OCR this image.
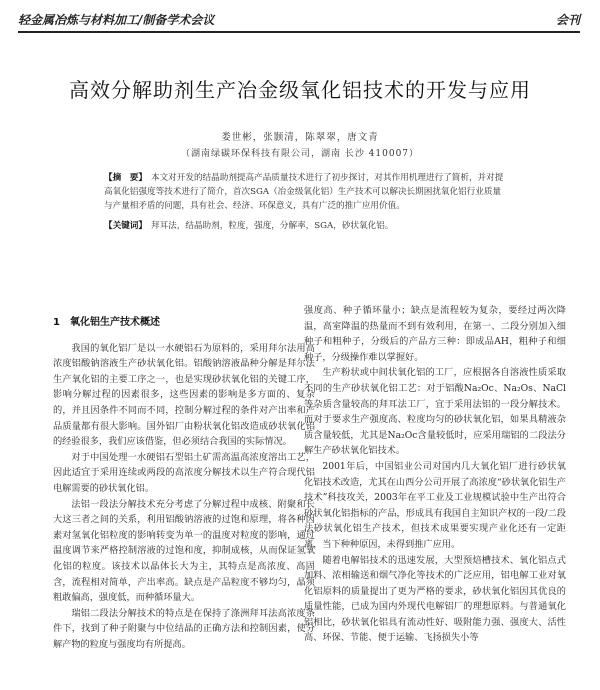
轻金属冶炼与材料加工/制备学术会议	会刊
高效分解助剂生产冶金级氧化铝技术的开发与应用
娄世彬，张颢清，陈翠翠，唐文青
（湖南绿碳环保科技有限公司，湖南 长沙 410007）
【摘　要】 本文对开发的结晶助剂提高产品质量技术进行了初步探讨，对其作用机理进行了简析，并对提高氧化铝强度等技术进行了简介，首次SGA（冶金级氧化铝）生产技术可以解决长期困扰氧化铝行业质量与产量相矛盾的问题，具有社会、经济、环保意义，具有广泛的推广应用价值。
【关键词】 拜耳法，结晶助剂，粒度，强度，分解率，SGA，砂状氧化铝。
1　氧化铝生产技术概述

我国的氧化铝厂是以一水硬铝石为原料的，采用拜尔法用高浓度铝酸钠溶液生产砂状氧化铝。铝酸钠溶液晶种分解是拜尔法生产氧化铝的主要工序之一，也是实现砂状氧化铝的关键工序，影响分解过程的因素很多，这些因素的影响是多方面的、复杂的，并且因条件不同而不同，控制分解过程的条件对产出率和产品质量都有很大影响。国外铝厂由粉状氧化铝改造成砂状氧化铝的经验很多，我们应该借鉴，但必须结合我国的实际情况。

对于中国处理一水硬铝石型铝土矿需高温高浓度溶出工艺，因此适宜于采用连续或两段的高浓度分解技术以生产符合现代铝电解需要的砂状氧化铝。

法铝一段法分解技术充分考虑了分解过程中成核、附聚和长大这三者之间的关系，利用铝酸钠溶液的过饱和原理，将各种因素对氢氧化铝粒度的影响转变为单一的温度对粒度的影响，通过温度调节来严格控制溶液的过饱和度，抑制成核，从而保证氢氧化铝的粒度。该技术以晶体长大为主，其特点是高浓度、高固含，流程相对简单，产出率高。缺点是产品粒度不够均匀，晶须粗敢偏高，强度低，而种循环量大。

瑞铝二段法分解技术的特点是在保持了涤洲拜耳法高浓度条件下，找到了种子附聚与中位结晶的正确方法和控制因素，使分解产物的粒度与强度均有所提高。

强度高、种子循环量小；缺点是流程较为复杂，要经过两次降温，高室降温的热量而不到有效利用，在第一、二段分别加入细种子和粗种子，分级后的产品方三种：即成品AH，粗种子和细种子，分级操作难以掌握好。

生产粉状或中间状氧化铝的工厂，应根据各自溶液性质采取不同的生产砂状氧化铝工艺：对于铝酸Na₂Oc、Na₂Os、NaCl等杂质含量较高的拜耳法工厂，宜于采用法铝的一段分解技术。而对于要求生产强度高、粒度均匀的砂状氧化铝，如果具精液杂质含量较低，尤其是Na₂Oc含量较低时，应采用瑞铝的二段法分解生产砂状氧化铝技术。

2001年后，中国铝业公司对国内几大氧化铝厂进行砂状氧化铝技术改造，尤其在山西分公司开展了高浓度“砂状氧化铝生产技术”科技攻关，2003年在平工业及工业规模试验中生产出符合砂状氧化铝指标的产品，形成具有我国自主知识产权的一段/二段法砂状氧化铝生产技术，但技术成果要实现产业化还有一定距离，当下种种原因，未得到推广应用。

随着电解铝技术的迅速发展，大型预焙槽技术、氧化铝点式加料、浓相输送和烟气净化等技术的广泛应用，铝电解工业对氧化铝原料的质量提出了更为严格的要求，砂状氧化铝因其优良的质量性能，已成为国内外现代电解铝厂的理想原料。与普通氧化铝相比，砂状氧化铝具有流动性好、吸附能力强、强度大、活性高、环保、节能、便于运输、飞扬损失小等
